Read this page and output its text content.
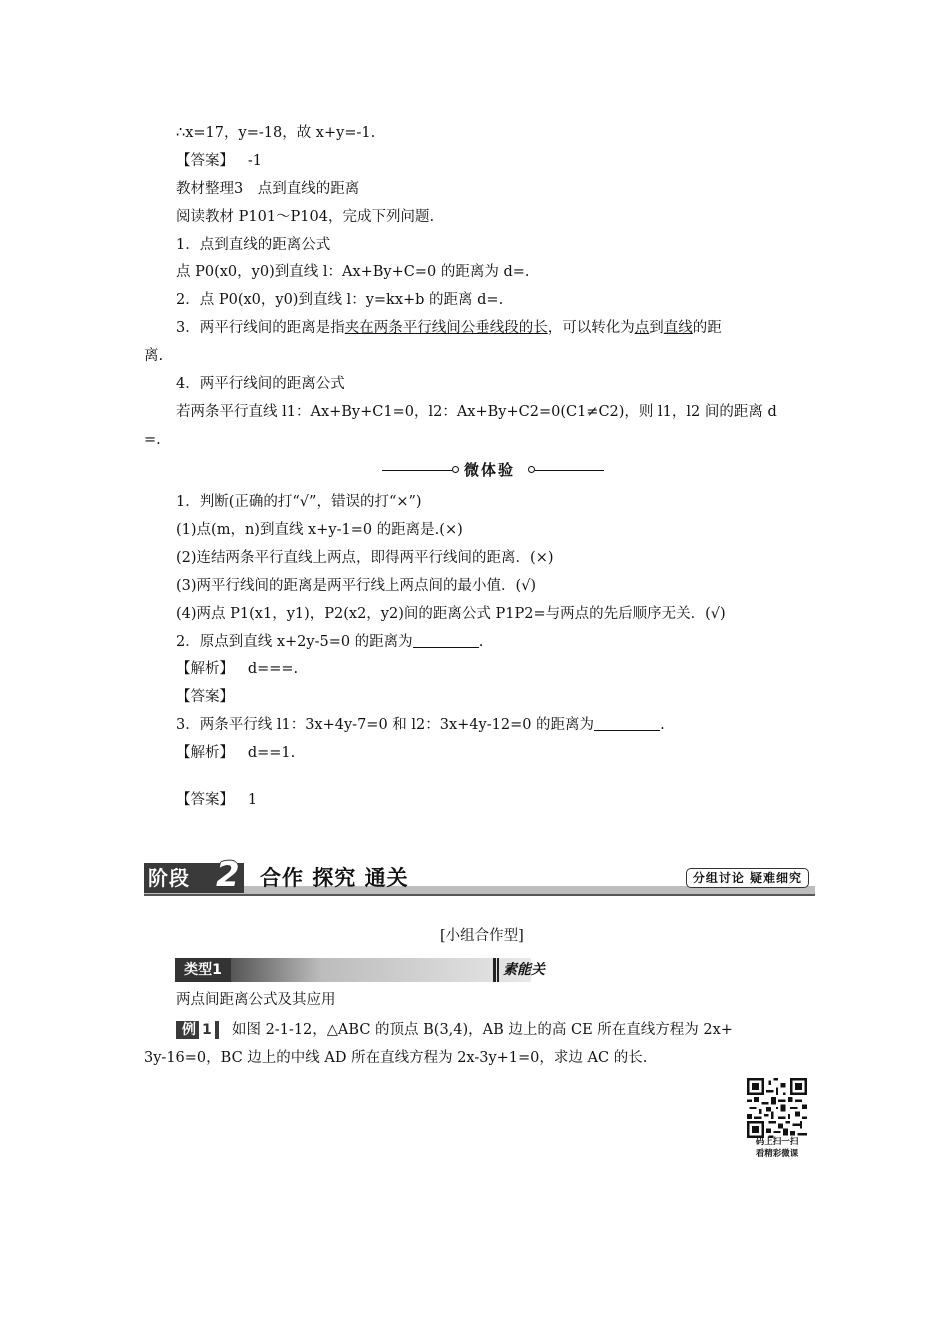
∴x=17，y=-18，故 x+y=-1.
【答案】 -1
教材整理3　点到直线的距离
阅读教材 P101～P104，完成下列问题.
1．点到直线的距离公式
点 P0(x0，y0)到直线 l：Ax+By+C=0 的距离为 d=.
2．点 P0(x0，y0)到直线 l：y=kx+b 的距离 d=.
3．两平行线间的距离是指夹在两条平行线间公垂线段的长，可以转化为点到直线的距
离.
4．两平行线间的距离公式
若两条平行直线 l1：Ax+By+C1=0，l2：Ax+By+C2=0(C1≠C2)，则 l1，l2 间的距离 d
=.
微体验
1．判断(正确的打“√”，错误的打“×”)
(1)点(m，n)到直线 x+y-1=0 的距离是.(×)
(2)连结两条平行直线上两点，即得两平行线间的距离．(×)
(3)两平行线间的距离是两平行线上两点间的最小值．(√)
(4)两点 P1(x1，y1)，P2(x2，y2)间的距离公式 P1P2=与两点的先后顺序无关．(√)
2．原点到直线 x+2y-5=0 的距离为	.
【解析】 d===.
【答案】
3．两条平行线 l1：3x+4y-7=0 和 l2：3x+4y-12=0 的距离为	.
【解析】 d==1.
【答案】 1
阶段 2 合作 探究 通关	分组讨论 疑难细究
[小组合作型]
类型1	素能关
两点间距离公式及其应用
例 1 如图 2-1-12，△ABC 的顶点 B(3,4)，AB 边上的高 CE 所在直线方程为 2x+
3y-16=0，BC 边上的中线 AD 所在直线方程为 2x-3y+1=0，求边 AC 的长.
码上扫一扫
看精彩微课
